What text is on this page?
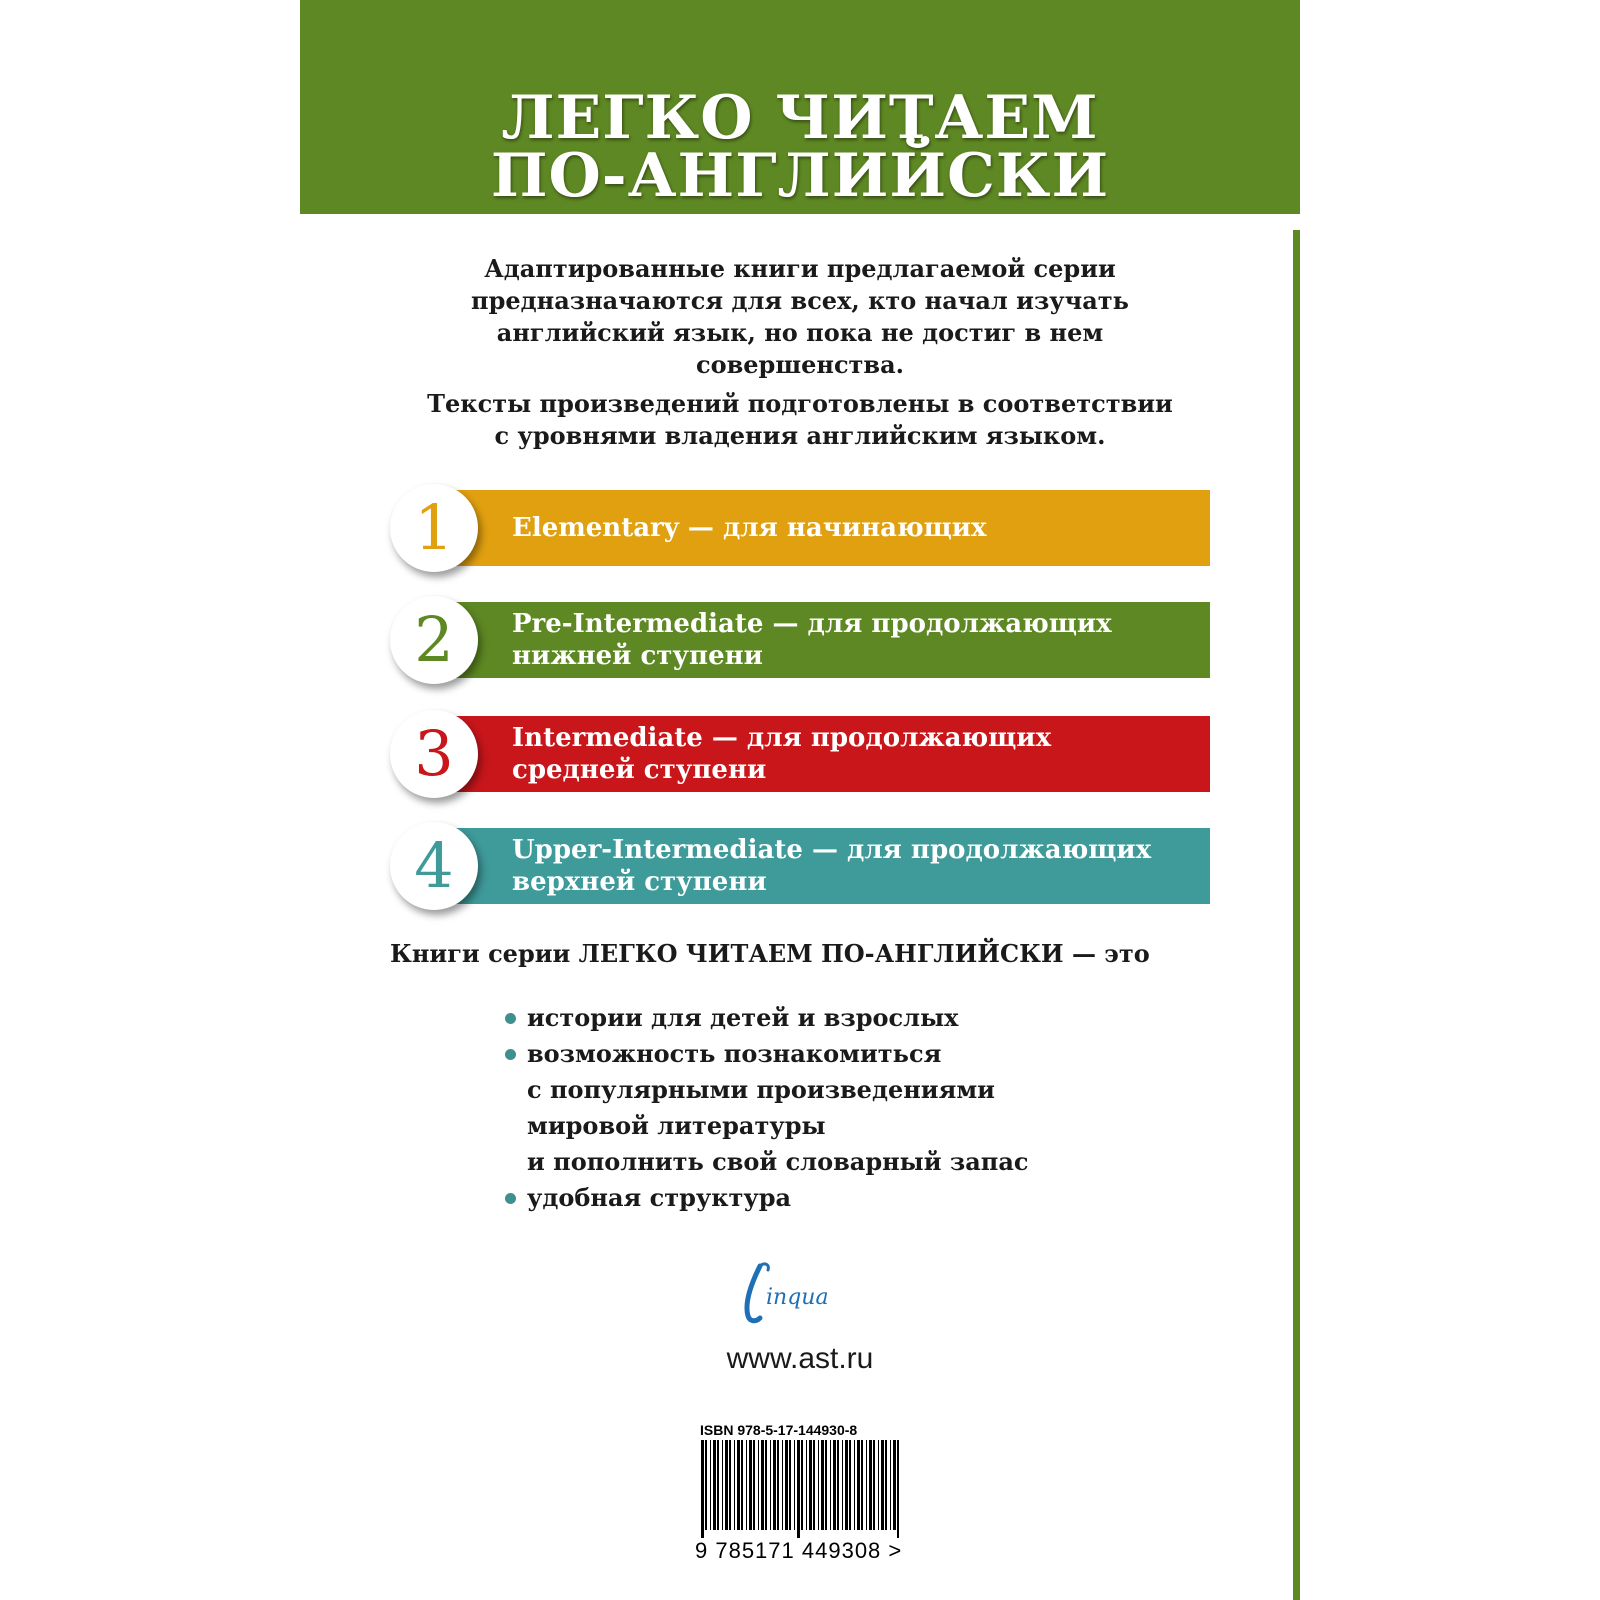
ЛЕГКО ЧИТАЕМ
ПО-АНГЛИЙСКИ

Адаптированные книги предлагаемой серии

предназначаются для всех, кто начал изучать

английский язык, но пока не достиг в нем

совершенства.

Тексты произведений подготовлены в соответствии

с уровнями владения английским языком.

1	Elementary — для начинающих
2	Pre-Intermediate — для продолжающих
нижней ступени
3	Intermediate — для продолжающих
средней ступени
4	Upper-Intermediate — для продолжающих
верхней ступени
Книги серии ЛЕГКО ЧИТАЕМ ПО-АНГЛИЙСКИ — это
истории для детей и взрослых
возможность познакомиться
с популярными произведениями
мировой литературы
и пополнить свой словарный запас
удобная структура
inqua
www.ast.ru
ISBN 978-5-17-144930-8
9 785171 449308 >
